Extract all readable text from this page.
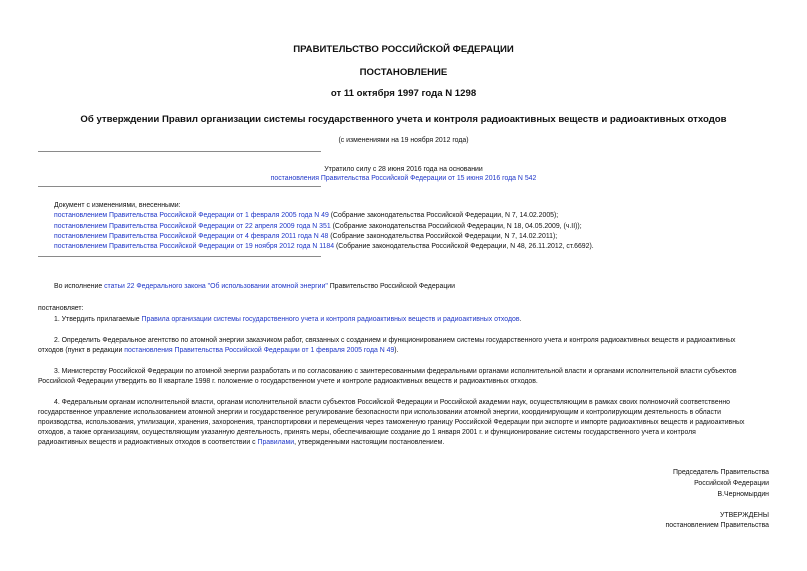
ПРАВИТЕЛЬСТВО РОССИЙСКОЙ ФЕДЕРАЦИИ
ПОСТАНОВЛЕНИЕ
от 11 октября 1997 года N 1298
Об утверждении Правил организации системы государственного учета и контроля радиоактивных веществ и радиоактивных отходов
(с изменениями на 19 ноября 2012 года)
Утратило силу с 28 июня 2016 года на основании
постановления Правительства Российской Федерации от 15 июня 2016 года N 542
Документ с изменениями, внесенными:
постановлением Правительства Российской Федерации от 1 февраля 2005 года N 49 (Собрание законодательства Российской Федерации, N 7, 14.02.2005);
постановлением Правительства Российской Федерации от 22 апреля 2009 года N 351 (Собрание законодательства Российской Федерации, N 18, 04.05.2009, (ч.II));
постановлением Правительства Российской Федерации от 4 февраля 2011 года N 48 (Собрание законодательства Российской Федерации, N 7, 14.02.2011);
постановлением Правительства Российской Федерации от 19 ноября 2012 года N 1184 (Собрание законодательства Российской Федерации, N 48, 26.11.2012, ст.6692).
Во исполнение статьи 22 Федерального закона "Об использовании атомной энергии" Правительство Российской Федерации
постановляет:
1. Утвердить прилагаемые Правила организации системы государственного учета и контроля радиоактивных веществ и радиоактивных отходов.
2. Определить Федеральное агентство по атомной энергии заказчиком работ, связанных с созданием и функционированием системы государственного учета и контроля радиоактивных веществ и радиоактивных
отходов (пункт в редакции постановления Правительства Российской Федерации от 1 февраля 2005 года N 49).
3. Министерству Российской Федерации по атомной энергии разработать и по согласованию с заинтересованными федеральными органами исполнительной власти и органами исполнительной власти субъектов
Российской Федерации утвердить во II квартале 1998 г. положение о государственном учете и контроле радиоактивных веществ и радиоактивных отходов.
4. Федеральным органам исполнительной власти, органам исполнительной власти субъектов Российской Федерации и Российской академии наук, осуществляющим в рамках своих полномочий соответственно
государственное управление использованием атомной энергии и государственное регулирование безопасности при использовании атомной энергии, координирующим и контролирующим деятельность в области
производства, использования, утилизации, хранения, захоронения, транспортировки и перемещения через таможенную границу Российской Федерации при экспорте и импорте радиоактивных веществ и радиоактивных
отходов, а также организациям, осуществляющим указанную деятельность, принять меры, обеспечивающие создание до 1 января 2001 г. и функционирование системы государственного учета и контроля
радиоактивных веществ и радиоактивных отходов в соответствии с Правилами, утвержденными настоящим постановлением.
Председатель Правительства
Российской Федерации
В.Черномырдин
УТВЕРЖДЕНЫ
постановлением Правительства
